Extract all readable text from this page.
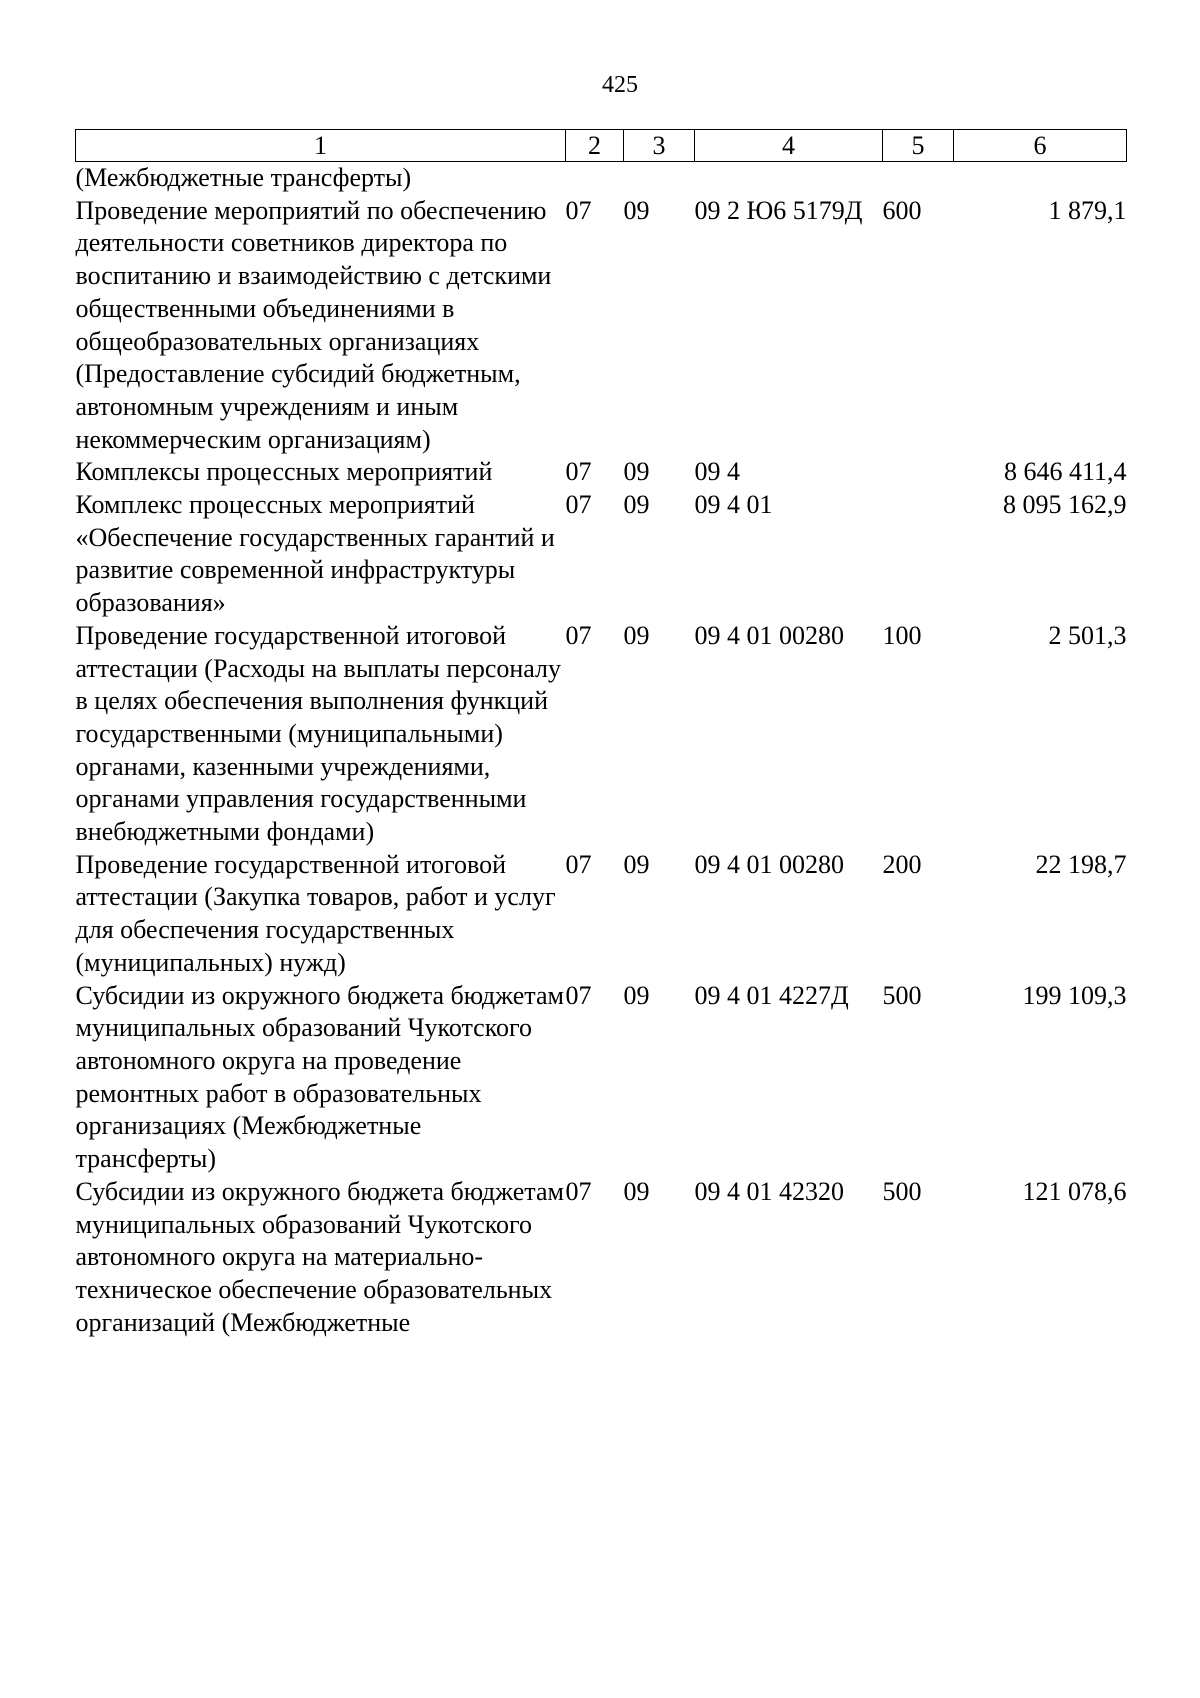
425
1	2	3	4	5	6
(Межбюджетные трансферты)					
Проведение мероприятий по обеспечению деятельности советников директора по воспитанию и взаимодействию с детскими общественными объединениями в общеобразовательных организациях (Предоставление субсидий бюджетным, автономным учреждениям и иным некоммерческим организациям)	07	09	09 2 Ю6 5179Д	600	1 879,1
Комплексы процессных мероприятий	07	09	09 4		8 646 411,4
Комплекс процессных мероприятий «Обеспечение государственных гарантий и развитие современной инфраструктуры образования»	07	09	09 4 01		8 095 162,9
Проведение государственной итоговой аттестации (Расходы на выплаты персоналу в целях обеспечения выполнения функций государственными (муниципальными) органами, казенными учреждениями, органами управления государственными внебюджетными фондами)	07	09	09 4 01 00280	100	2 501,3
Проведение государственной итоговой аттестации (Закупка товаров, работ и услуг для обеспечения государственных (муниципальных) нужд)	07	09	09 4 01 00280	200	22 198,7
Субсидии из окружного бюджета бюджетам муниципальных образований Чукотского автономного округа на проведение ремонтных работ в образовательных организациях (Межбюджетные трансферты)	07	09	09 4 01 4227Д	500	199 109,3
Субсидии из окружного бюджета бюджетам муниципальных образований Чукотского автономного округа на материально-техническое обеспечение образовательных организаций (Межбюджетные	07	09	09 4 01 42320	500	121 078,6
